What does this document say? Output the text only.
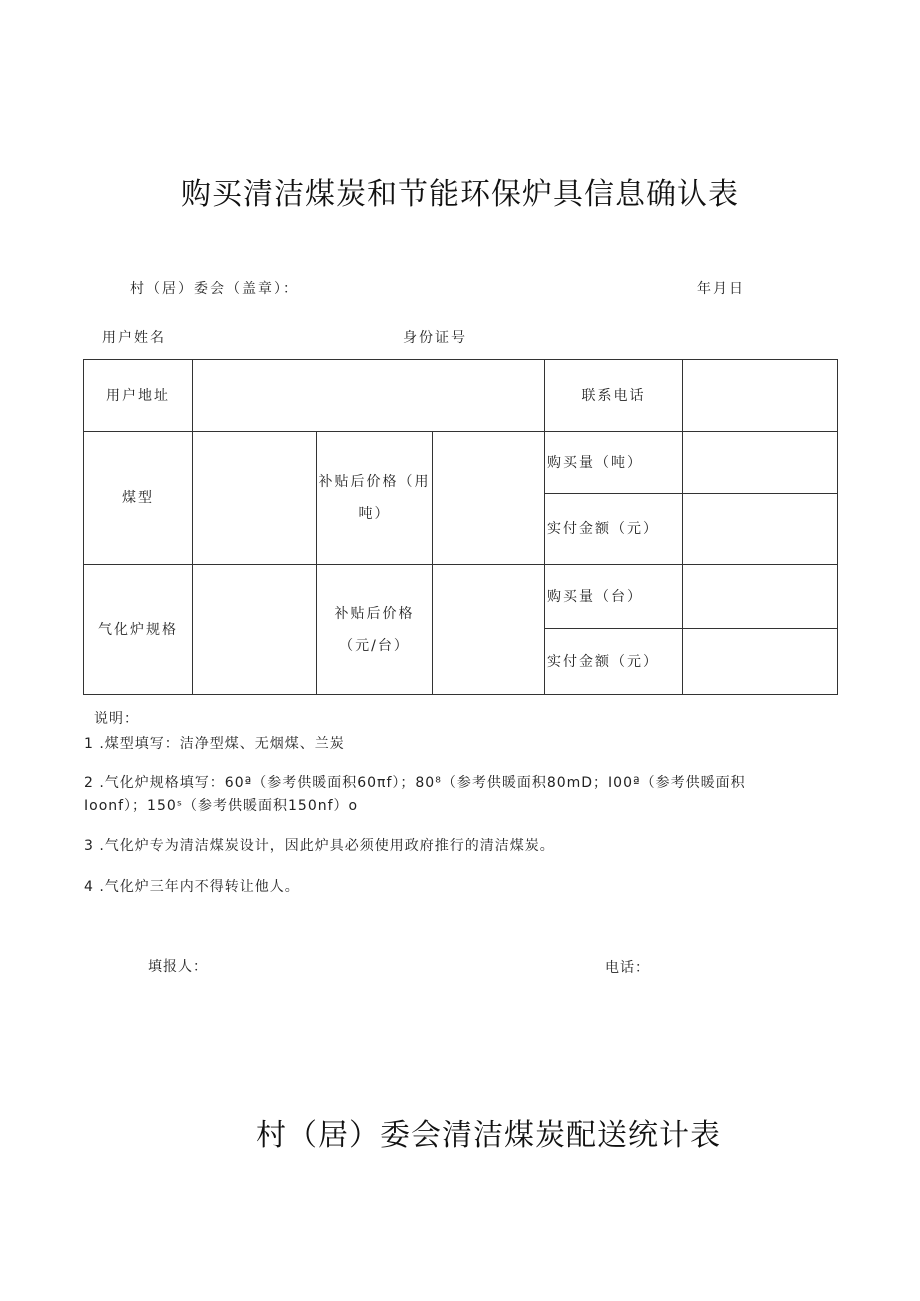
购买清洁煤炭和节能环保炉具信息确认表
村（居）委会（盖章）：	年月日
用户姓名	身份证号
用户地址				联系电话	
煤型		补贴后价格（用吨）		购买量（吨）	
				实付金额（元）	
气化炉规格		补贴后价格（元/台）		购买量（台）	
				实付金额（元）	
说明：
1 .煤型填写：洁净型煤、无烟煤、兰炭
2 .气化炉规格填写：60ª（参考供暖面积60πf）；80⁸（参考供暖面积80mD；I00ª（参考供暖面积
Ioonf）；150ˢ（参考供暖面积150nf）o
3 .气化炉专为清洁煤炭设计，因此炉具必须使用政府推行的清洁煤炭。
4 .气化炉三年内不得转让他人。
填报人：	电话：
村（居）委会清洁煤炭配送统计表
